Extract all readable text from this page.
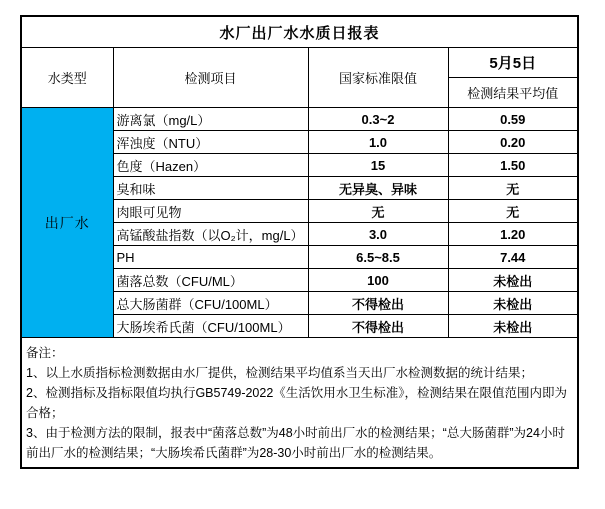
水厂出厂水水质日报表			
水类型	检测项目	国家标准限值	5月5日
			检测结果平均值
出厂水	游离氯（mg/L）	0.3~2	0.59
	浑浊度（NTU）	1.0	0.20
	色度（Hazen）	15	1.50
	臭和味	无异臭、异味	无
	肉眼可见物	无	无
	高锰酸盐指数（以O₂计，mg/L）	3.0	1.20
	PH	6.5~8.5	7.44
	菌落总数（CFU/ML）	100	未检出
	总大肠菌群（CFU/100ML）	不得检出	未检出
	大肠埃希氏菌（CFU/100ML）	不得检出	未检出

备注：
1、以上水质指标检测数据由水厂提供，检测结果平均值系当天出厂水检测数据的统计结果；
2、检测指标及指标限值均执行GB5749-2022《生活饮用水卫生标准》，检测结果在限值范围内即为合格；
3、由于检测方法的限制，报表中“菌落总数”为48小时前出厂水的检测结果；“总大肠菌群”为24小时前出厂水的检测结果；“大肠埃希氏菌群”为28-30小时前出厂水的检测结果。			
